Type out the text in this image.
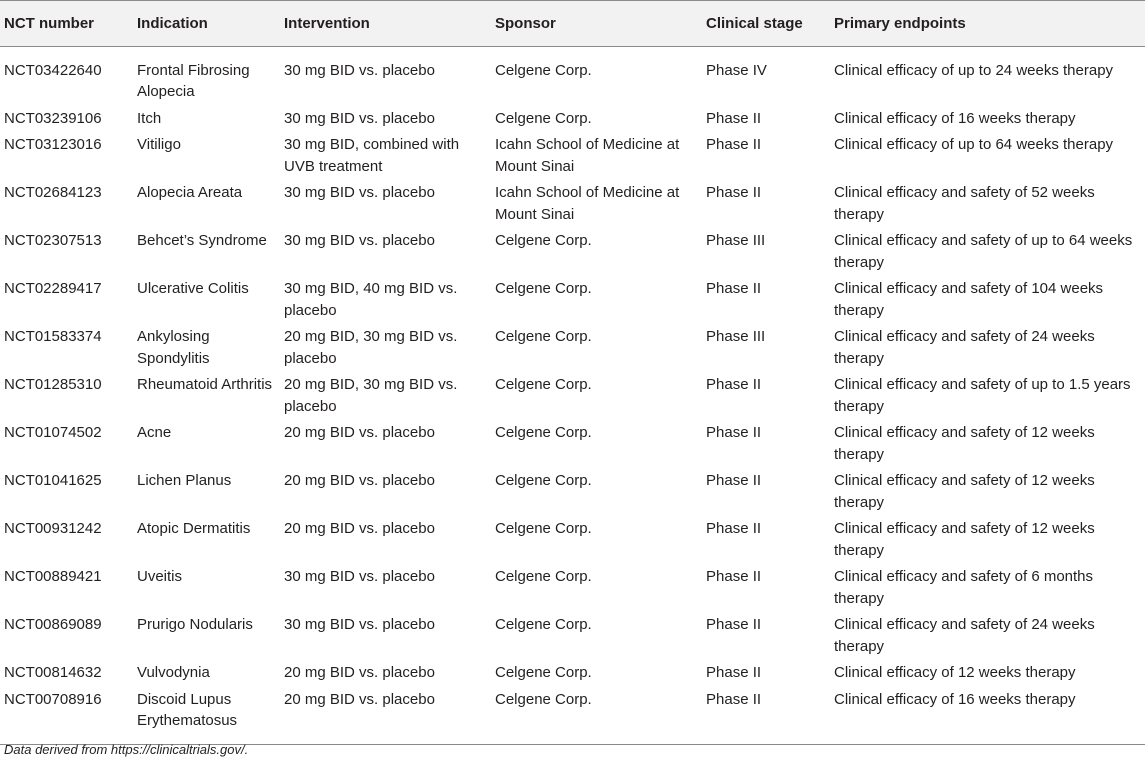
NCT number	Indication	Intervention	Sponsor	Clinical stage	Primary endpoints
NCT03422640	Frontal Fibrosing Alopecia	30 mg BID vs. placebo	Celgene Corp.	Phase IV	Clinical efficacy of up to 24 weeks therapy
NCT03239106	Itch	30 mg BID vs. placebo	Celgene Corp.	Phase II	Clinical efficacy of 16 weeks therapy
NCT03123016	Vitiligo	30 mg BID, combined with UVB treatment	Icahn School of Medicine at Mount Sinai	Phase II	Clinical efficacy of up to 64 weeks therapy
NCT02684123	Alopecia Areata	30 mg BID vs. placebo	Icahn School of Medicine at Mount Sinai	Phase II	Clinical efficacy and safety of 52 weeks therapy
NCT02307513	Behcet’s Syndrome	30 mg BID vs. placebo	Celgene Corp.	Phase III	Clinical efficacy and safety of up to 64 weeks therapy
NCT02289417	Ulcerative Colitis	30 mg BID, 40 mg BID vs. placebo	Celgene Corp.	Phase II	Clinical efficacy and safety of 104 weeks therapy
NCT01583374	Ankylosing Spondylitis	20 mg BID, 30 mg BID vs. placebo	Celgene Corp.	Phase III	Clinical efficacy and safety of 24 weeks therapy
NCT01285310	Rheumatoid Arthritis	20 mg BID, 30 mg BID vs. placebo	Celgene Corp.	Phase II	Clinical efficacy and safety of up to 1.5 years therapy
NCT01074502	Acne	20 mg BID vs. placebo	Celgene Corp.	Phase II	Clinical efficacy and safety of 12 weeks therapy
NCT01041625	Lichen Planus	20 mg BID vs. placebo	Celgene Corp.	Phase II	Clinical efficacy and safety of 12 weeks therapy
NCT00931242	Atopic Dermatitis	20 mg BID vs. placebo	Celgene Corp.	Phase II	Clinical efficacy and safety of 12 weeks therapy
NCT00889421	Uveitis	30 mg BID vs. placebo	Celgene Corp.	Phase II	Clinical efficacy and safety of 6 months therapy
NCT00869089	Prurigo Nodularis	30 mg BID vs. placebo	Celgene Corp.	Phase II	Clinical efficacy and safety of 24 weeks therapy
NCT00814632	Vulvodynia	20 mg BID vs. placebo	Celgene Corp.	Phase II	Clinical efficacy of 12 weeks therapy
NCT00708916	Discoid Lupus Erythematosus	20 mg BID vs. placebo	Celgene Corp.	Phase II	Clinical efficacy of 16 weeks therapy
Data derived from https://clinicaltrials.gov/.
